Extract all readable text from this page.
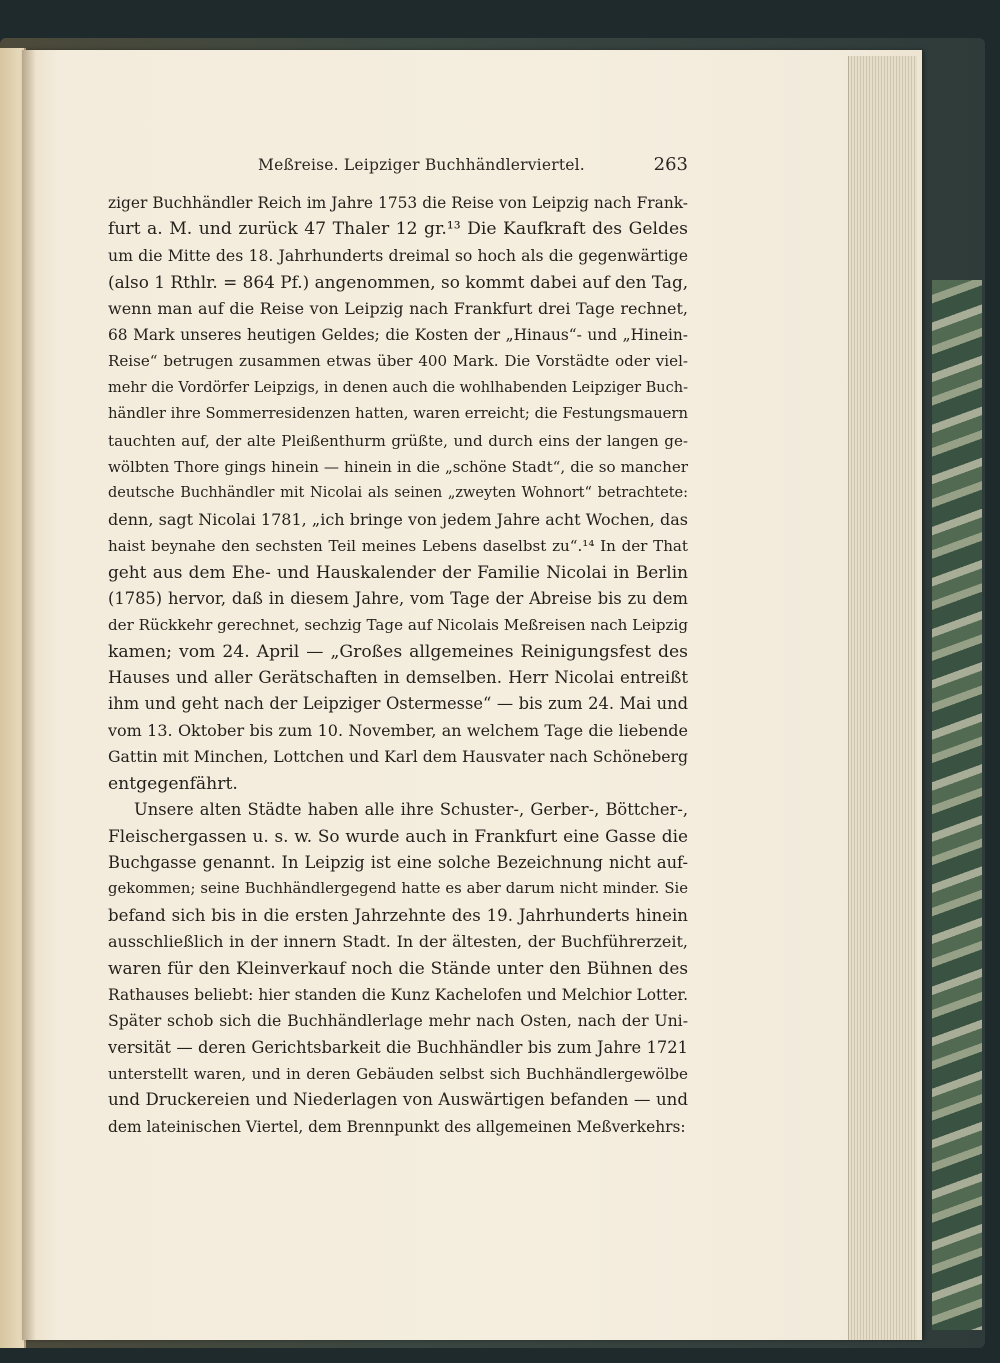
Meßreise. Leipziger Buchhändlerviertel.	263
ziger Buchhändler Reich im Jahre 1753 die Reise von Leipzig nach Frank-
furt a. M. und zurück 47 Thaler 12 gr.¹³ Die Kaufkraft des Geldes
um die Mitte des 18. Jahrhunderts dreimal so hoch als die gegenwärtige
(also 1 Rthlr. = 864 Pf.) angenommen, so kommt dabei auf den Tag,
wenn man auf die Reise von Leipzig nach Frankfurt drei Tage rechnet,
68 Mark unseres heutigen Geldes; die Kosten der „Hinaus“- und „Hinein-
Reise“ betrugen zusammen etwas über 400 Mark. Die Vorstädte oder viel-
mehr die Vordörfer Leipzigs, in denen auch die wohlhabenden Leipziger Buch-
händler ihre Sommerresidenzen hatten, waren erreicht; die Festungsmauern
tauchten auf, der alte Pleißenthurm grüßte, und durch eins der langen ge-
wölbten Thore gings hinein — hinein in die „schöne Stadt“, die so mancher
deutsche Buchhändler mit Nicolai als seinen „zweyten Wohnort“ betrachtete:
denn, sagt Nicolai 1781, „ich bringe von jedem Jahre acht Wochen, das
haist beynahe den sechsten Teil meines Lebens daselbst zu“.¹⁴ In der That
geht aus dem Ehe- und Hauskalender der Familie Nicolai in Berlin
(1785) hervor, daß in diesem Jahre, vom Tage der Abreise bis zu dem
der Rückkehr gerechnet, sechzig Tage auf Nicolais Meßreisen nach Leipzig
kamen; vom 24. April — „Großes allgemeines Reinigungsfest des
Hauses und aller Gerätschaften in demselben. Herr Nicolai entreißt
ihm und geht nach der Leipziger Ostermesse“ — bis zum 24. Mai und
vom 13. Oktober bis zum 10. November, an welchem Tage die liebende
Gattin mit Minchen, Lottchen und Karl dem Hausvater nach Schöneberg
entgegenfährt.
Unsere alten Städte haben alle ihre Schuster-, Gerber-, Böttcher-,
Fleischergassen u. s. w. So wurde auch in Frankfurt eine Gasse die
Buchgasse genannt. In Leipzig ist eine solche Bezeichnung nicht auf-
gekommen; seine Buchhändlergegend hatte es aber darum nicht minder. Sie
befand sich bis in die ersten Jahrzehnte des 19. Jahrhunderts hinein
ausschließlich in der innern Stadt. In der ältesten, der Buchführerzeit,
waren für den Kleinverkauf noch die Stände unter den Bühnen des
Rathauses beliebt: hier standen die Kunz Kachelofen und Melchior Lotter.
Später schob sich die Buchhändlerlage mehr nach Osten, nach der Uni-
versität — deren Gerichtsbarkeit die Buchhändler bis zum Jahre 1721
unterstellt waren, und in deren Gebäuden selbst sich Buchhändlergewölbe
und Druckereien und Niederlagen von Auswärtigen befanden — und
dem lateinischen Viertel, dem Brennpunkt des allgemeinen Meßverkehrs:
